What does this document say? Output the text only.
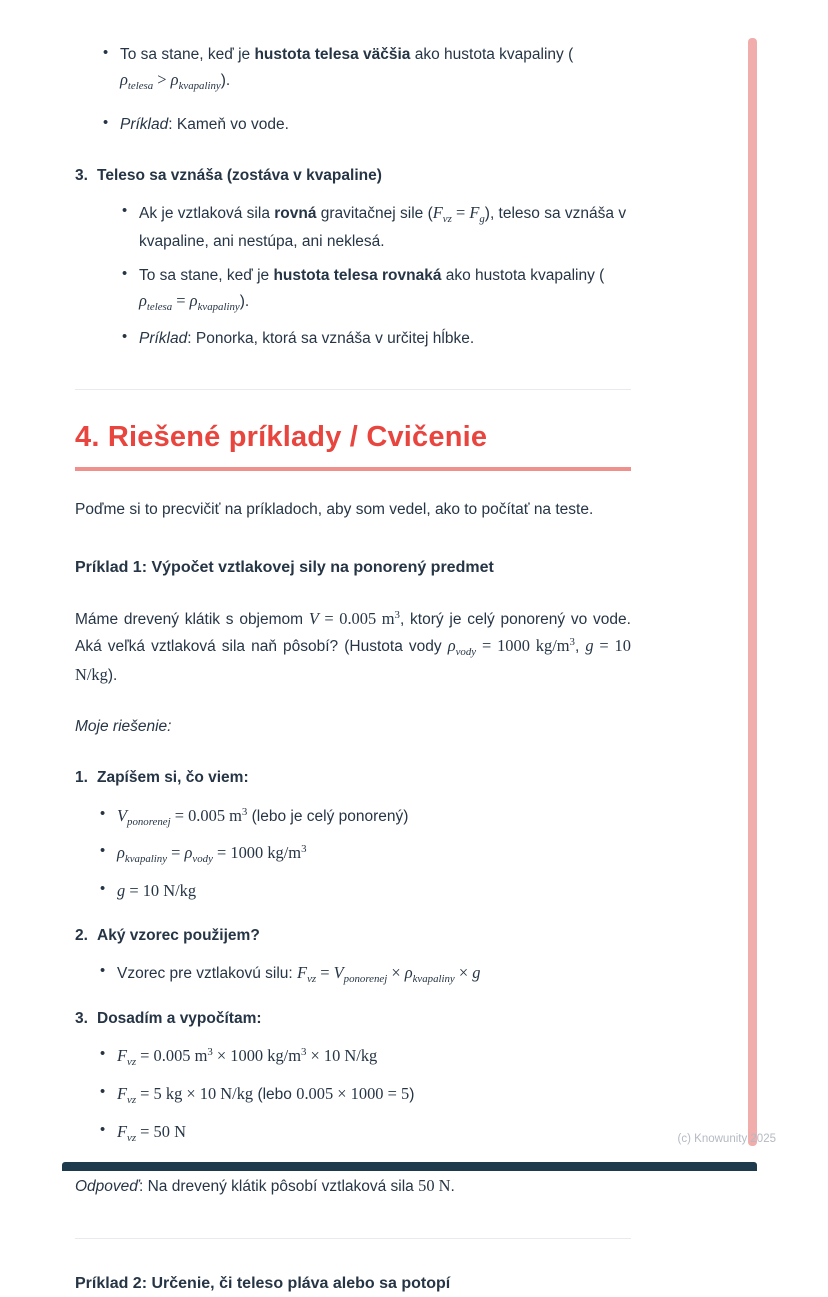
• To sa stane, keď je hustota telesa väčšia ako hustota kvapaliny (
$\rho_{telesa} > \rho_{kvapaliny}$).
• Príklad: Kameň vo vode.
3. Teleso sa vznáša (zostáva v kvapaline)
• Ak je vztlaková sila rovná gravitačnej sile $(F_{vz} = F_g)$, teleso sa vznáša v kvapaline, ani nestúpa, ani neklesá.
• To sa stane, keď je hustota telesa rovnaká ako hustota kvapaliny (
$\rho_{telesa} = \rho_{kvapaliny}$).
• Príklad: Ponorka, ktorá sa vznáša v určitej hĺbke.
4. Riešené príklady / Cvičenie

Poďme si to precvičiť na príkladoch, aby som vedel, ako to počítať na teste.

Príklad 1: Výpočet vztlakovej sily na ponorený predmet

Máme drevený klátik s objemom V = 0.005 $m^3$, ktorý je celý ponorený vo vode. Aká veľká vztlaková sila naň pôsobí? (Hustota vody $\rho_{vody} = 1000$ $kg/m^3$, g = 10 N/kg).

Moje riešenie:

1. Zapíšem si, čo viem:
• $V_{ponorenej} = 0.005$ $m^3$ (lebo je celý ponorený)
• $\rho_{kvapaliny} = \rho_{vody} = 1000$ $kg/m^3$
• g = 10 N/kg
2. Aký vzorec použijem?
• Vzorec pre vztlakovú silu: $F_{vz} = V_{ponorenej} \times \rho_{kvapaliny} \times g$
3. Dosadím a vypočítam:
• $F_{vz} = 0.005$ $m^3 \times 1000$ $kg/m^3 \times 10$ N/kg
• $F_{vz} = 5$ kg × 10 N/kg (lebo 0.005 × 1000 = 5)
• $F_{vz} = 50$ N

Odpoveď: Na drevený klátik pôsobí vztlaková sila 50 N.

Príklad 2: Určenie, či teleso pláva alebo sa potopí
(c) Knowunity 2025
